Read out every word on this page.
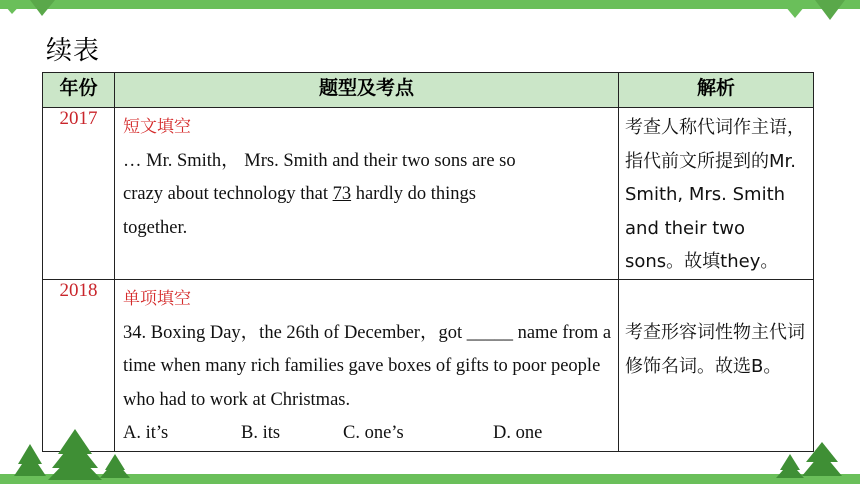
续表
年份	题型及考点	解析
2017	短文填空
… Mr. Smith， Mrs. Smith and their two sons are so
crazy about technology that 73 hardly do things
together.	考查人称代词作主语，指代前文所提到的Mr. Smith, Mrs. Smith and their two sons。故填they。

2018	单项填空
34. Boxing Day，the 26th of December，got _____ name from a time when many rich families gave boxes of gifts to poor people who had to work at Christmas.
A. it’s B. its C. one’s D. one	考查形容词性物主代词修饰名词。故选B。
